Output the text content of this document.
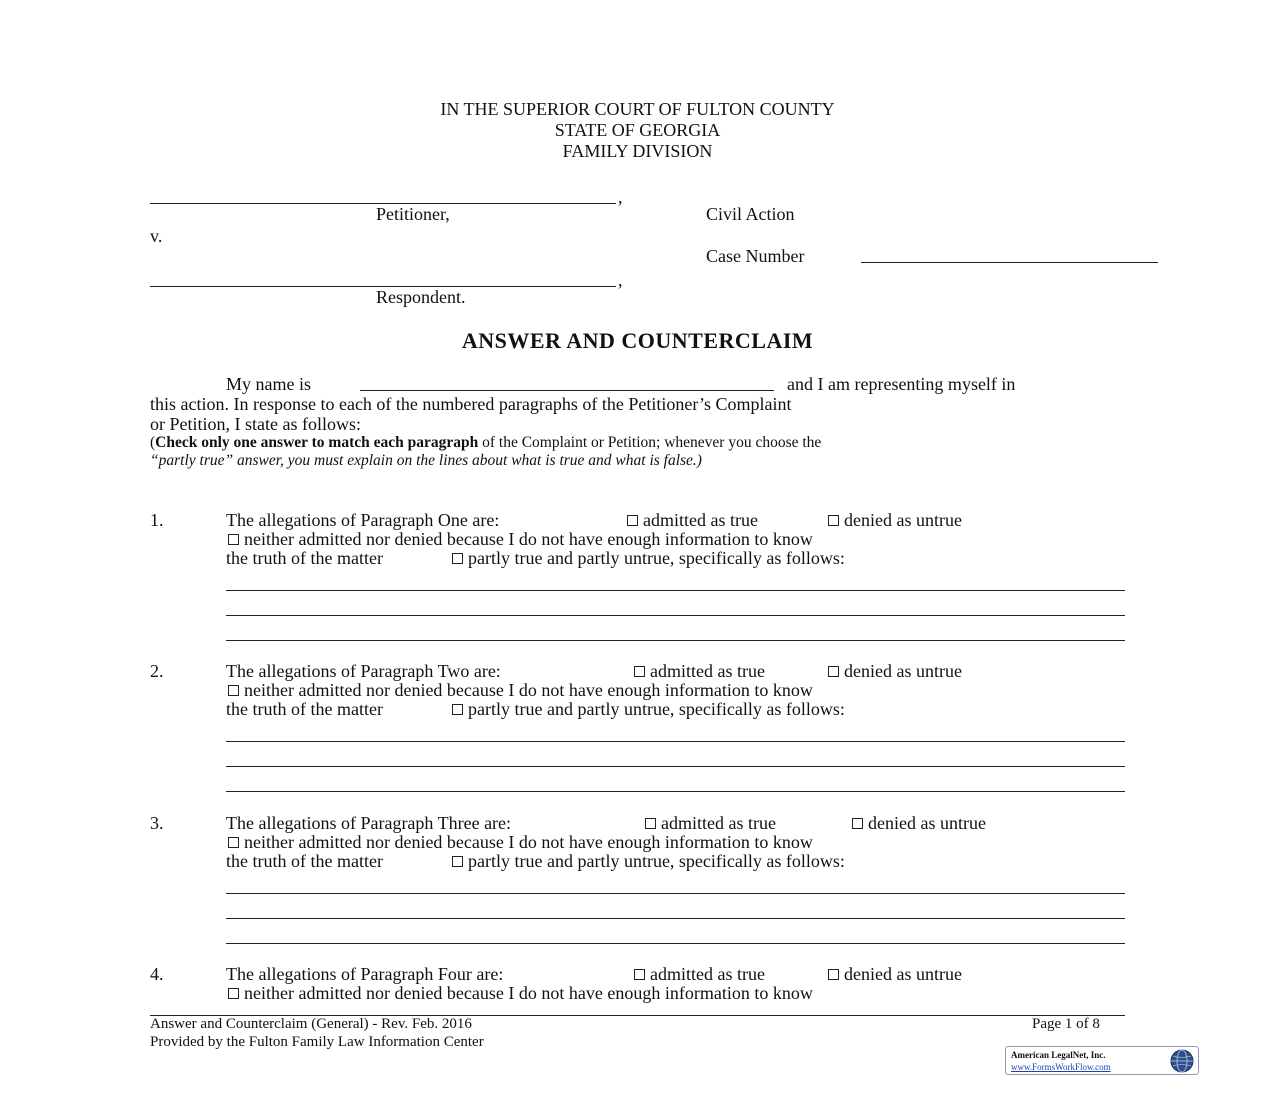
IN THE SUPERIOR COURT OF FULTON COUNTY
STATE OF GEORGIA
FAMILY DIVISION
,
Petitioner,	Civil Action
v.
Case Number
,
Respondent.
ANSWER AND COUNTERCLAIM
My name is	and I am representing myself in
this action. In response to each of the numbered paragraphs of the Petitioner’s Complaint
or Petition, I state as follows:
(Check only one answer to match each paragraph of the Complaint or Petition; whenever you choose the
“partly true” answer, you must explain on the lines about what is true and what is false.)
1.	The allegations of Paragraph One are:	admitted as true	denied as untrue
neither admitted nor denied because I do not have enough information to know
the truth of the matter	partly true and partly untrue, specifically as follows:
2.	The allegations of Paragraph Two are:	admitted as true	denied as untrue
neither admitted nor denied because I do not have enough information to know
the truth of the matter	partly true and partly untrue, specifically as follows:
3.	The allegations of Paragraph Three are:	admitted as true	denied as untrue
neither admitted nor denied because I do not have enough information to know
the truth of the matter	partly true and partly untrue, specifically as follows:
4.	The allegations of Paragraph Four are:	admitted as true	denied as untrue
neither admitted nor denied because I do not have enough information to know
Answer and Counterclaim (General) - Rev. Feb. 2016
Provided by the Fulton Family Law Information Center
Page 1 of 8
American LegalNet, Inc.
www.FormsWorkFlow.com
